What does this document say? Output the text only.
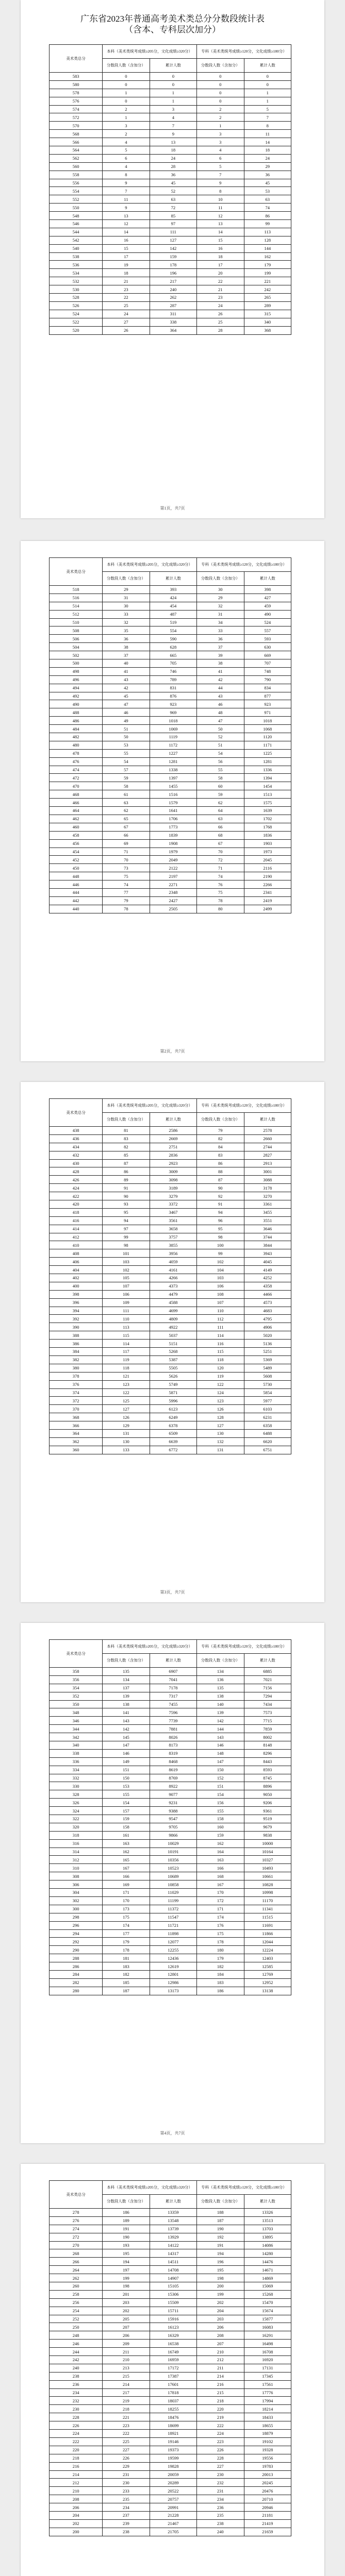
广东省2023年普通高考美术类总分分数段统计表
（含本、专科层次加分）
美术类总分	本科（美术类统考成绩≥205分，文化成绩≥320分）		专科（美术类统考成绩≥120分，文化成绩≥180分）	
	分数段人数（含加分）	累计人数	分数段人数（含加分）	累计人数
583	0	0	0	0
580	0	0	0	0
578	1	1	0	1
576	0	1	0	1
574	2	3	2	5
572	1	4	2	7
570	3	7	1	8
568	2	9	3	11
566	4	13	3	14
564	5	18	4	18
562	6	24	6	24
560	4	28	5	29
558	8	36	7	36
556	9	45	9	45
554	7	52	8	53
552	11	63	10	63
550	9	72	11	74
548	13	85	12	86
546	12	97	13	99
544	14	111	14	113
542	16	127	15	128
540	15	142	16	144
538	17	159	18	162
536	19	178	17	179
534	18	196	20	199
532	21	217	22	221
530	23	240	21	242
528	22	262	23	265
526	25	287	24	289
524	24	311	26	315
522	27	338	25	340
520	26	364	28	368
第1页，共7页
美术类总分	本科（美术类统考成绩≥205分，文化成绩≥320分）		专科（美术类统考成绩≥120分，文化成绩≥180分）	
	分数段人数（含加分）	累计人数	分数段人数（含加分）	累计人数
518	29	393	30	398
516	31	424	29	427
514	30	454	32	459
512	33	487	31	490
510	32	519	34	524
508	35	554	33	557
506	36	590	36	593
504	38	628	37	630
502	37	665	39	669
500	40	705	38	707
498	41	746	41	748
496	43	789	42	790
494	42	831	44	834
492	45	876	43	877
490	47	923	46	923
488	46	969	48	971
486	49	1018	47	1018
484	51	1069	50	1068
482	50	1119	52	1120
480	53	1172	51	1171
478	55	1227	54	1225
476	54	1281	56	1281
474	57	1338	55	1336
472	59	1397	58	1394
470	58	1455	60	1454
468	61	1516	59	1513
466	63	1579	62	1575
464	62	1641	64	1639
462	65	1706	63	1702
460	67	1773	66	1768
458	66	1839	68	1836
456	69	1908	67	1903
454	71	1979	70	1973
452	70	2049	72	2045
450	73	2122	71	2116
448	75	2197	74	2190
446	74	2271	76	2266
444	77	2348	75	2341
442	79	2427	78	2419
440	78	2505	80	2499
第2页，共7页
美术类总分	本科（美术类统考成绩≥205分，文化成绩≥320分）		专科（美术类统考成绩≥120分，文化成绩≥180分）	
	分数段人数（含加分）	累计人数	分数段人数（含加分）	累计人数
438	81	2586	79	2578
436	83	2669	82	2660
434	82	2751	84	2744
432	85	2836	83	2827
430	87	2923	86	2913
428	86	3009	88	3001
426	89	3098	87	3088
424	91	3189	90	3178
422	90	3279	92	3270
420	93	3372	91	3361
418	95	3467	94	3455
416	94	3561	96	3551
414	97	3658	95	3646
412	99	3757	98	3744
410	98	3855	100	3844
408	101	3956	99	3943
406	103	4059	102	4045
404	102	4161	104	4149
402	105	4266	103	4252
400	107	4373	106	4358
398	106	4479	108	4466
396	109	4588	107	4573
394	111	4699	110	4683
392	110	4809	112	4795
390	113	4922	111	4906
388	115	5037	114	5020
386	114	5151	116	5136
384	117	5268	115	5251
382	119	5387	118	5369
380	118	5505	120	5489
378	121	5626	119	5608
376	123	5749	122	5730
374	122	5871	124	5854
372	125	5996	123	5977
370	127	6123	126	6103
368	126	6249	128	6231
366	129	6378	127	6358
364	131	6509	130	6488
362	130	6639	132	6620
360	133	6772	131	6751
第3页，共7页
美术类总分	本科（美术类统考成绩≥205分，文化成绩≥320分）		专科（美术类统考成绩≥120分，文化成绩≥180分）	
	分数段人数（含加分）	累计人数	分数段人数（含加分）	累计人数
358	135	6907	134	6885
356	134	7041	136	7021
354	137	7178	135	7156
352	139	7317	138	7294
350	138	7455	140	7434
348	141	7596	139	7573
346	143	7739	142	7715
344	142	7881	144	7859
342	145	8026	143	8002
340	147	8173	146	8148
338	146	8319	148	8296
336	149	8468	147	8443
334	151	8619	150	8593
332	150	8769	152	8745
330	153	8922	151	8896
328	155	9077	154	9050
326	154	9231	156	9206
324	157	9388	155	9361
322	159	9547	158	9519
320	158	9705	160	9679
318	161	9866	159	9838
316	163	10029	162	10000
314	162	10191	164	10164
312	165	10356	163	10327
310	167	10523	166	10493
308	166	10689	168	10661
306	169	10858	167	10828
304	171	11029	170	10998
302	170	11199	172	11170
300	173	11372	171	11341
298	175	11547	174	11515
296	174	11721	176	11691
294	177	11898	175	11866
292	179	12077	178	12044
290	178	12255	180	12224
288	181	12436	179	12403
286	183	12619	182	12585
284	182	12801	184	12769
282	185	12986	183	12952
280	187	13173	186	13138
第4页，共7页
美术类总分	本科（美术类统考成绩≥205分，文化成绩≥320分）		专科（美术类统考成绩≥120分，文化成绩≥180分）	
	分数段人数（含加分）	累计人数	分数段人数（含加分）	累计人数
278	186	13359	188	13326
276	189	13548	187	13513
274	191	13739	190	13703
272	190	13929	192	13895
270	193	14122	191	14086
268	195	14317	194	14280
266	194	14511	196	14476
264	197	14708	195	14671
262	199	14907	198	14869
260	198	15105	200	15069
258	201	15306	199	15268
256	203	15509	202	15470
254	202	15711	204	15674
252	205	15916	203	15877
250	207	16123	206	16083
248	206	16329	208	16291
246	209	16538	207	16498
244	211	16749	210	16708
242	210	16959	212	16920
240	213	17172	211	17131
238	215	17387	214	17345
236	214	17601	216	17561
234	217	17818	215	17776
232	219	18037	218	17994
230	218	18255	220	18214
228	221	18476	219	18433
226	223	18699	222	18655
224	222	18921	224	18879
222	225	19146	223	19102
220	227	19373	226	19328
218	226	19599	228	19556
216	229	19828	227	19783
214	231	20059	230	20013
212	230	20289	232	20245
210	233	20522	231	20476
208	235	20757	234	20710
206	234	20991	236	20946
204	237	21228	235	21181
202	239	21467	238	21419
200	238	21705	240	21659
